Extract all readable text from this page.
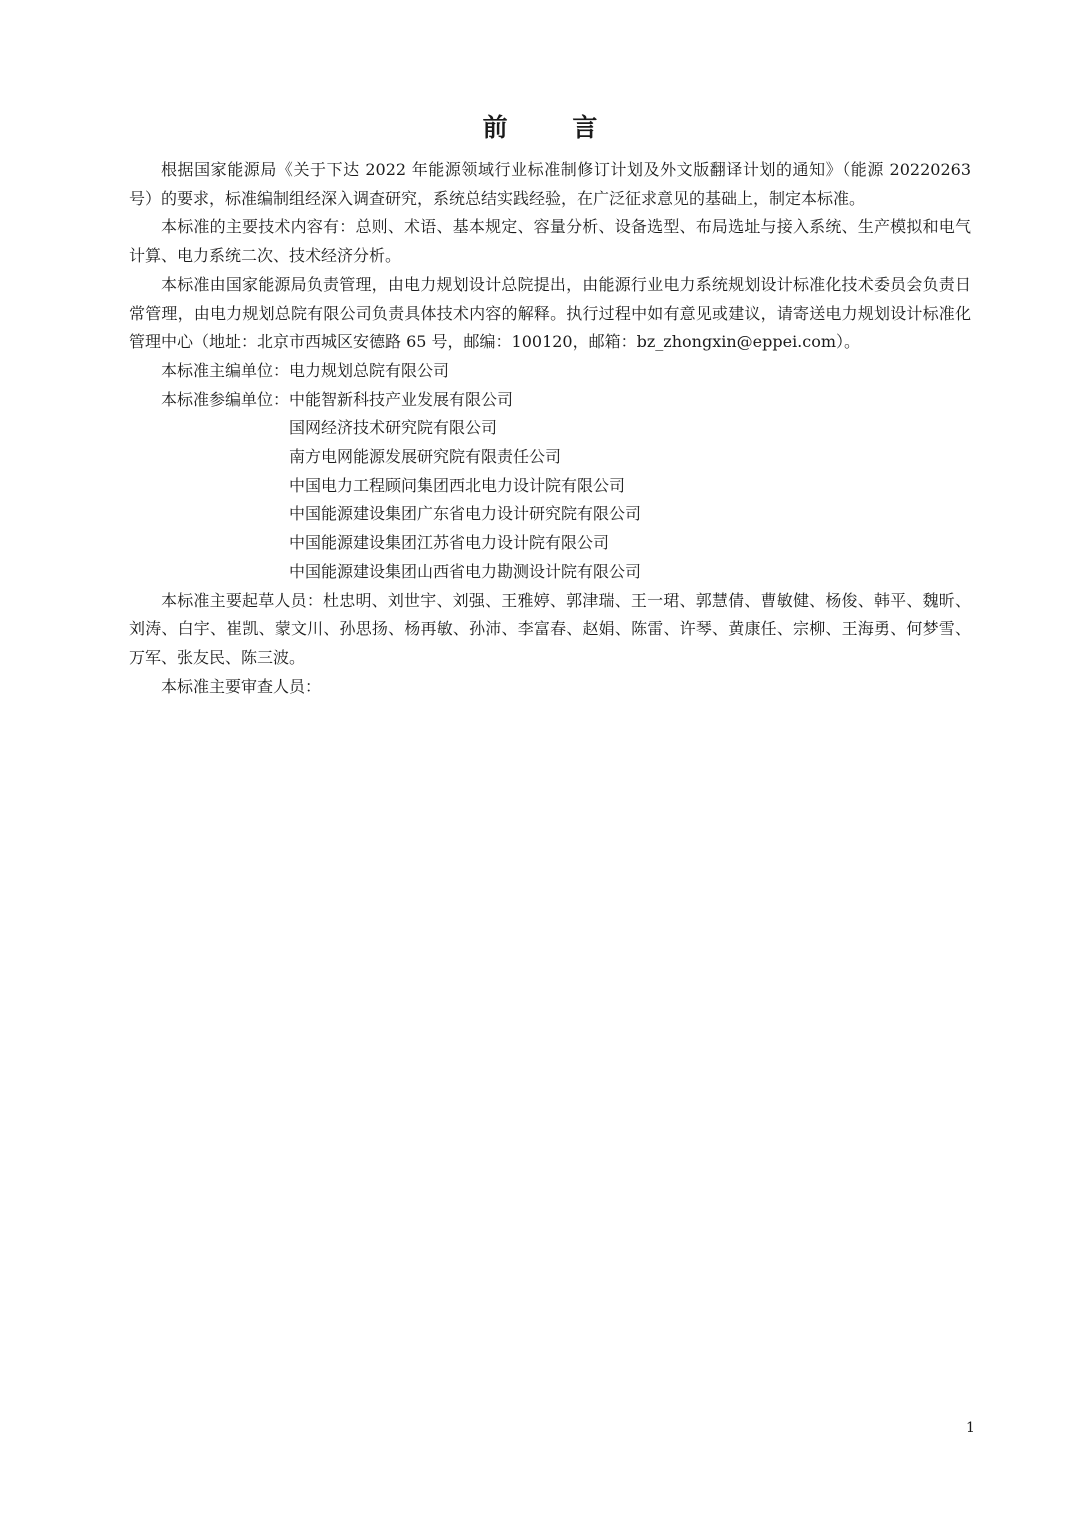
前 言

根据国家能源局《关于下达 2022 年能源领域行业标准制修订计划及外文版翻译计划的通知》（能源 20220263 号）的要求，标准编制组经深入调查研究，系统总结实践经验，在广泛征求意见的基础上，制定本标准。

本标准的主要技术内容有：总则、术语、基本规定、容量分析、设备选型、布局选址与接入系统、生产模拟和电气计算、电力系统二次、技术经济分析。

本标准由国家能源局负责管理，由电力规划设计总院提出，由能源行业电力系统规划设计标准化技术委员会负责日常管理，由电力规划总院有限公司负责具体技术内容的解释。执行过程中如有意见或建议，请寄送电力规划设计标准化管理中心（地址：北京市西城区安德路 65 号，邮编：100120，邮箱：bz_zhongxin@eppei.com）。

本标准主编单位：电力规划总院有限公司

本标准参编单位： 中能智新科技产业发展有限公司
国网经济技术研究院有限公司
南方电网能源发展研究院有限责任公司
中国电力工程顾问集团西北电力设计院有限公司
中国能源建设集团广东省电力设计研究院有限公司
中国能源建设集团江苏省电力设计院有限公司
中国能源建设集团山西省电力勘测设计院有限公司

本标准主要起草人员：杜忠明、刘世宇、刘强、王雅婷、郭津瑞、王一珺、郭慧倩、曹敏健、杨俊、韩平、魏昕、刘涛、白宇、崔凯、蒙文川、孙思扬、杨再敏、孙沛、李富春、赵娟、陈雷、许琴、黄康任、宗柳、王海勇、何梦雪、万军、张友民、陈三波。

本标准主要审查人员：

1
